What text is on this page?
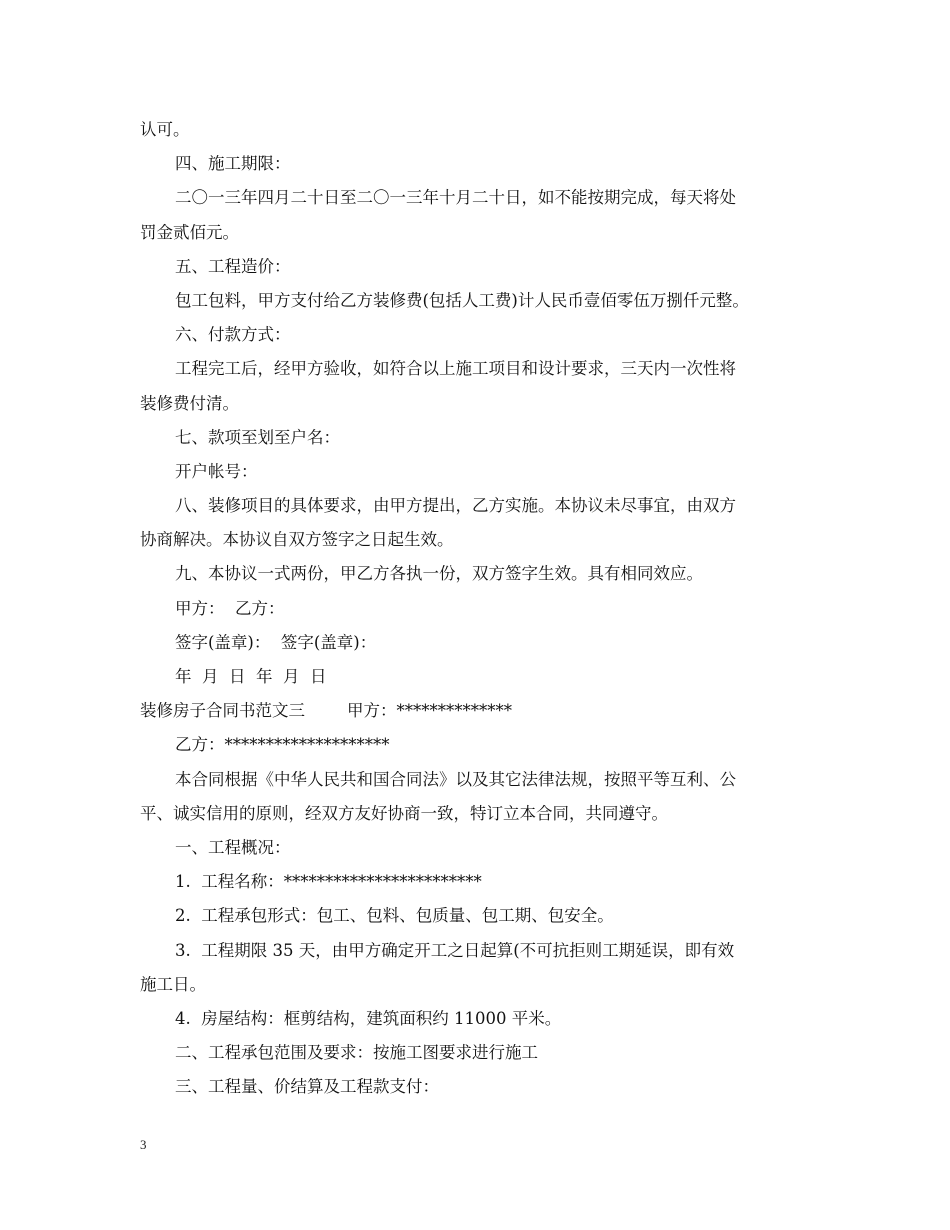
认可。
四、施工期限：
二〇一三年四月二十日至二〇一三年十月二十日，如不能按期完成，每天将处
罚金贰佰元。
五、工程造价：
包工包料，甲方支付给乙方装修费(包括人工费)计人民币壹佰零伍万捌仟元整。
六、付款方式：
工程完工后，经甲方验收，如符合以上施工项目和设计要求，三天内一次性将
装修费付清。
七、款项至划至户名：
开户帐号：
八、装修项目的具体要求，由甲方提出，乙方实施。本协议未尽事宜，由双方
协商解决。本协议自双方签字之日起生效。
九、本协议一式两份，甲乙方各执一份，双方签字生效。具有相同效应。
甲方：  乙方：
签字(盖章)：  签字(盖章)：
年  月  日  年  月  日
装修房子合同书范文三        甲方：**************
乙方：********************
本合同根据《中华人民共和国合同法》以及其它法律法规，按照平等互利、公
平、诚实信用的原则，经双方友好协商一致，特订立本合同，共同遵守。
一、工程概况：
1.  工程名称：************************
2.  工程承包形式：包工、包料、包质量、包工期、包安全。
3.  工程期限 35 天，由甲方确定开工之日起算(不可抗拒则工期延误，即有效
施工日。
4.  房屋结构：框剪结构，建筑面积约 11000 平米。
二、工程承包范围及要求：按施工图要求进行施工
三、工程量、价结算及工程款支付：
3
